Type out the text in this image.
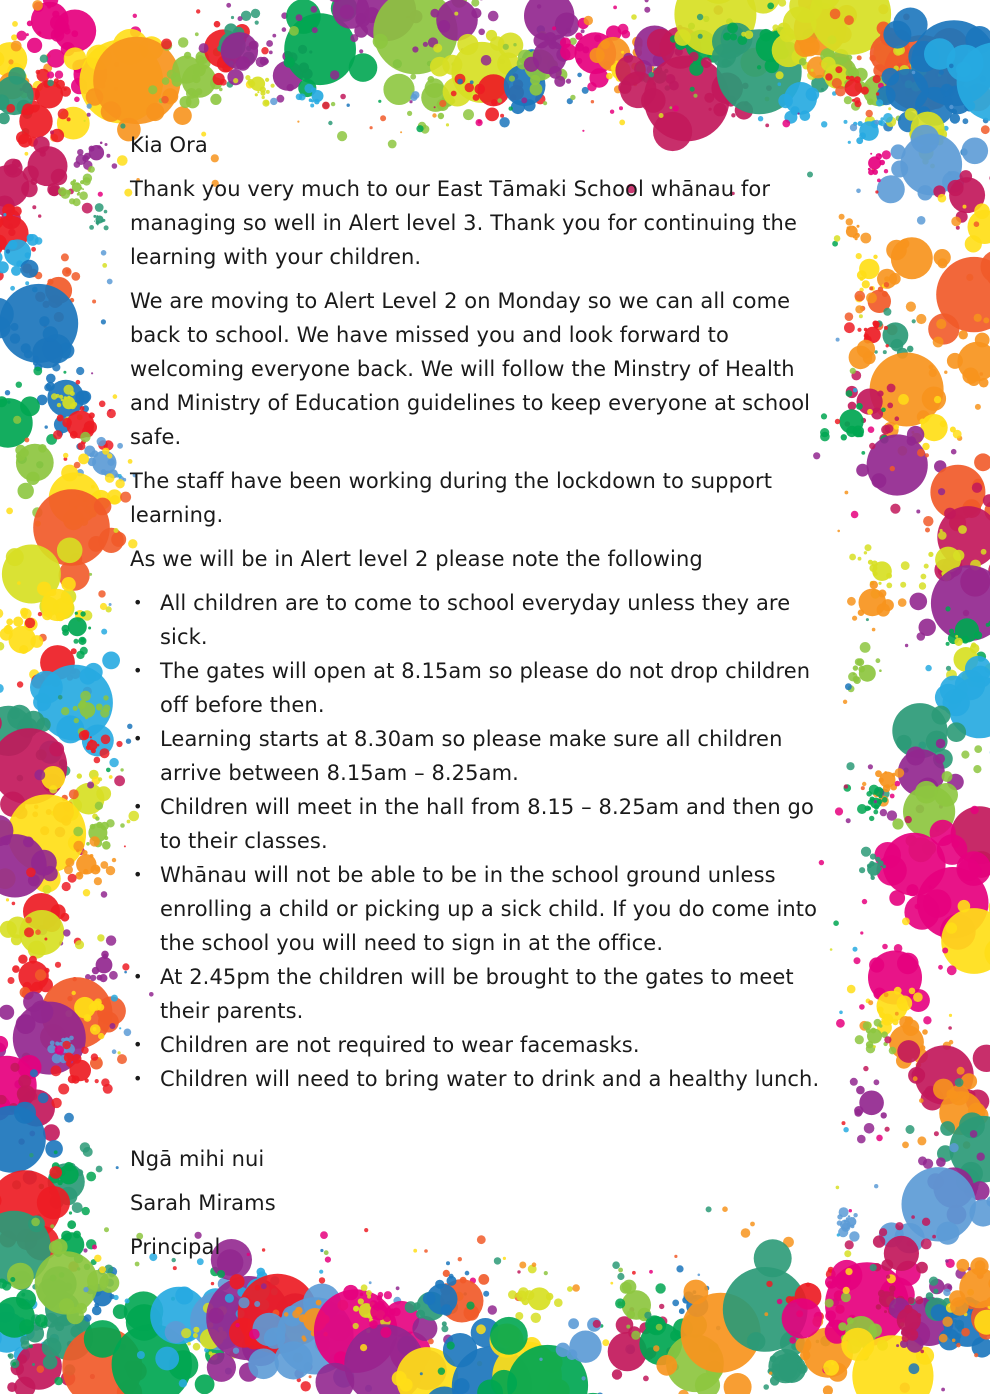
Kia Ora

Thank you very much to our East Tāmaki School whānau for managing so well in Alert level 3. Thank you for continuing the learning with your children.

We are moving to Alert Level 2 on Monday so we can all come back to school. We have missed you and look forward to welcoming everyone back. We will follow the Minstry of Health and Ministry of Education guidelines to keep everyone at school safe.

The staff have been working during the lockdown to support learning.

As we will be in Alert level 2 please note the following

• All children are to come to school everyday unless they are sick.
• The gates will open at 8.15am so please do not drop children off before then.
• Learning starts at 8.30am so please make sure all children arrive between 8.15am – 8.25am.
• Children will meet in the hall from 8.15 – 8.25am and then go to their classes.
• Whānau will not be able to be in the school ground unless enrolling a child or picking up a sick child. If you do come into the school you will need to sign in at the office.
• At 2.45pm the children will be brought to the gates to meet their parents.
• Children are not required to wear facemasks.
• Children will need to bring water to drink and a healthy lunch.

Ngā mihi nui

Sarah Mirams

Principal
